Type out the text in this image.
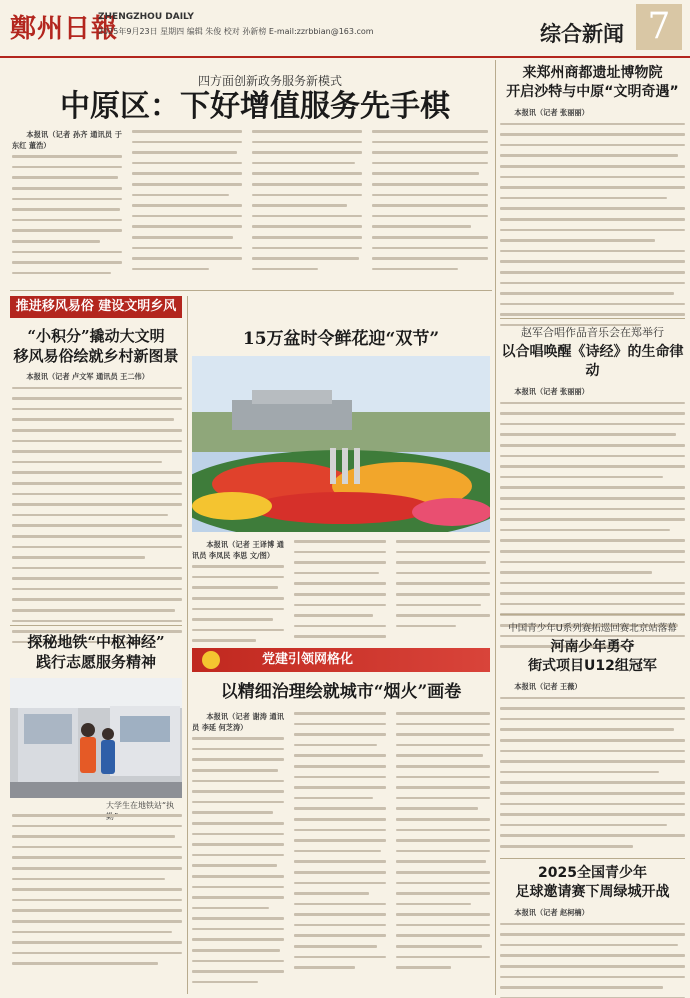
鄭州日報
ZHENGZHOU DAILY
2025年9月23日 星期四 编辑 朱俊 校对 孙新榜 E-mail:zzrbbian@163.com	综合新闻 7
四方面创新政务服务新模式
中原区：下好增值服务先手棋
本报讯（记者 孙齐 通讯员 于东红 董浩）
推进移风易俗 建设文明乡风
“小积分”撬动大文明
移风易俗绘就乡村新图景
本报讯（记者 卢文军 通讯员 王二伟）
探秘地铁“中枢神经”
践行志愿服务精神
大学生在地铁站“执
15万盆时令鲜花迎“双节”
本报讯（记者 王译博 通讯员 李凤民 李思 文/图）
党建引领网格化
以精细治理绘就城市“烟火”画卷
本报讯（记者 谢涛 通讯员 李延 何芝涛）
来郑州商都遗址博物院
开启沙特与中原“文明奇遇”
本报讯（记者 张丽丽）
赵军合唱作品音乐会在郑举行
以合唱唤醒《诗经》的生命律动
本报讯（记者 张丽丽）
中国青少年U系列赛拓巡回赛北京站落幕
河南少年勇夺
街式项目U12组冠军
本报讯（记者 王薇）
2025全国青少年
足球邀请赛下周绿城开战
本报讯（记者 赵柯楠）
